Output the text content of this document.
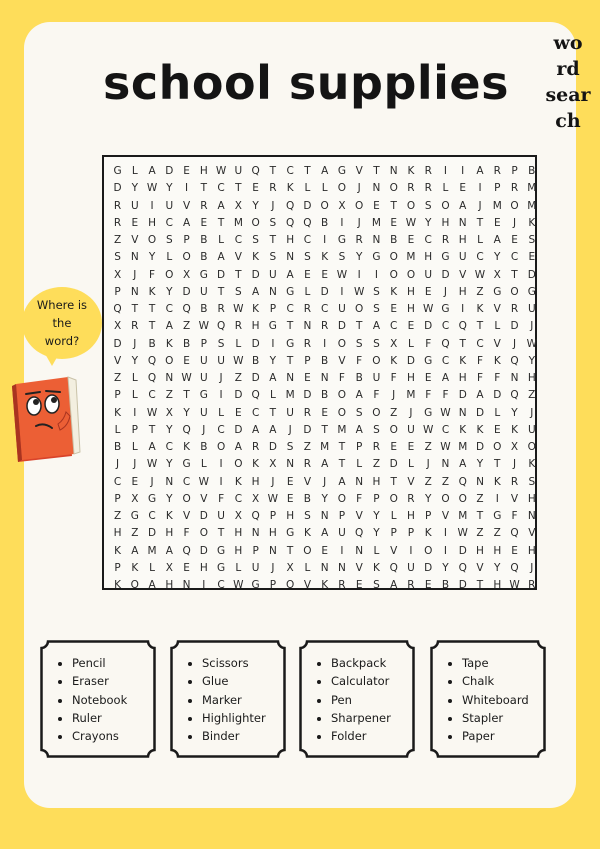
school supplies
wo
rd
sear
ch
G L	A D E H W U Q T C T A G V T N K R	I	I	A R P B
D Y W Y	I	T C T	E R K	L	L O	J	N O R R	L	E	I	P R M
R U	I	U V R A X Y	J	Q D O X O E	T O S O A	J	M O M
R E H C A E	T M O S Q Q B	I	J	M E W Y H N T	E	J	K
Z V O S	P B	L	C S	T H C	I	G R N B E C R H L	A E	S
S N Y	L O B A V K S N S K S	Y G O M H G U C Y C E
X	J	F O X G D T D U A E	E W	I	I	O O U D V W X T D
P N K	Y D U T	S A N G L D	I	W S K H E	J	H Z G O G
Q T	T C Q B R W K	P C R C U O S	E H W G	I	K V R U
X R T A Z W Q R H G T N R D T A C E D C Q T	L D	J
D	J	B K B P	S	L D	I	G R	I	O S	S X	L	F Q T C V	J	W
V Y Q O E U U W B Y	T	P B V	F O K D G C K	F	K Q Y
Z	L Q N W U	J	Z D A N E N F	B U F H E A H F	F N H
P	L	C Z T G	I	D Q L M D B O A	F	J	M F	F D A D Q Z
K	I	W X Y U L	E C T U R E O S O Z	J	G W N D L	Y	J
L	P	T	Y Q	J	C D A A	J	D T M A S O U W C K K	E K U
B	L	A C K B O A R D S Z M T	P R E	E Z W M D O X O
J	J	W Y G L	I	O K X N R A T	L	Z D L	J	N A Y	T	J	K
C E	J	N C W	I	K H	J	E V	J	A N H T V Z Z Q N K R S
P X G Y O V	F	C X W E B Y O F	P O R Y O O Z	I	V H
Z G C K V D U X Q P H S N P V Y	L H P	V M T G F N
H Z D H F O T H N H G K A U Q Y	P	P	K	I	W Z Z Q V
K A M A Q D G H P N T O E	I	N L	V	I	O	I	D H H E H
P	K	L	X E H G L	U	J	X	L N N V K Q U D Y Q V Y Q	J
K O A H N	I	C W G P O V K R E	S A R E B D T H W R
Where is
the
word?
• Pencil
• Eraser
• Notebook
• Ruler
• Crayons
• Scissors
• Glue
• Marker
• Highlighter
• Binder
• Backpack
• Calculator
• Pen
• Sharpener
• Folder
• Tape
• Chalk
• Whiteboard
• Stapler
• Paper
